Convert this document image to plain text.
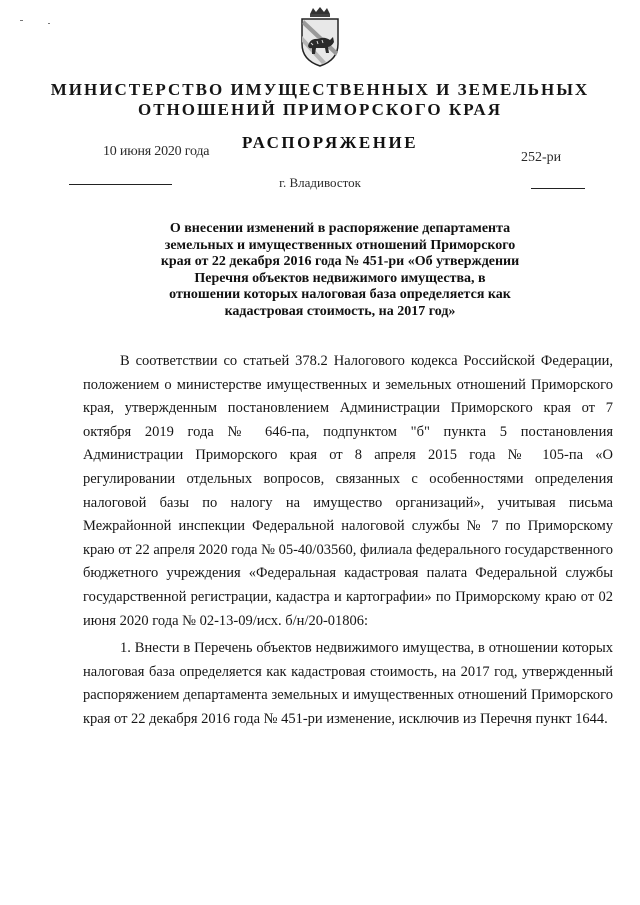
МИНИСТЕРСТВО ИМУЩЕСТВЕННЫХ И ЗЕМЕЛЬНЫХ
ОТНОШЕНИЙ ПРИМОРСКОГО КРАЯ
РАСПОРЯЖЕНИЕ
10 июня 2020 года	252-ри
г. Владивосток
О внесении изменений в распоряжение департамента
земельных и имущественных отношений Приморского
края от 22 декабря 2016 года № 451-ри «Об утверждении
Перечня объектов недвижимого имущества, в
отношении которых налоговая база определяется как
кадастровая стоимость, на 2017 год»

В соответствии со статьей 378.2 Налогового кодекса Российской Федерации, положением о министерстве имущественных и земельных отношений Приморского края, утвержденным постановлением Администрации Приморского края от 7 октября 2019 года № 646-па, подпунктом "б" пункта 5 постановления Администрации Приморского края от 8 апреля 2015 года № 105-па «О регулировании отдельных вопросов, связанных с особенностями определения налоговой базы по налогу на имущество организаций», учитывая письма Межрайонной инспекции Федеральной налоговой службы № 7 по Приморскому краю от 22 апреля 2020 года № 05-40/03560, филиала федерального государственного бюджетного учреждения «Федеральная кадастровая палата Федеральной службы государственной регистрации, кадастра и картографии» по Приморскому краю от 02 июня 2020 года № 02-13-09/исх. б/н/20-01806:

1. Внести в Перечень объектов недвижимого имущества, в отношении которых налоговая база определяется как кадастровая стоимость, на 2017 год, утвержденный распоряжением департамента земельных и имущественных отношений Приморского края от 22 декабря 2016 года № 451-ри изменение, исключив из Перечня пункт 1644.
